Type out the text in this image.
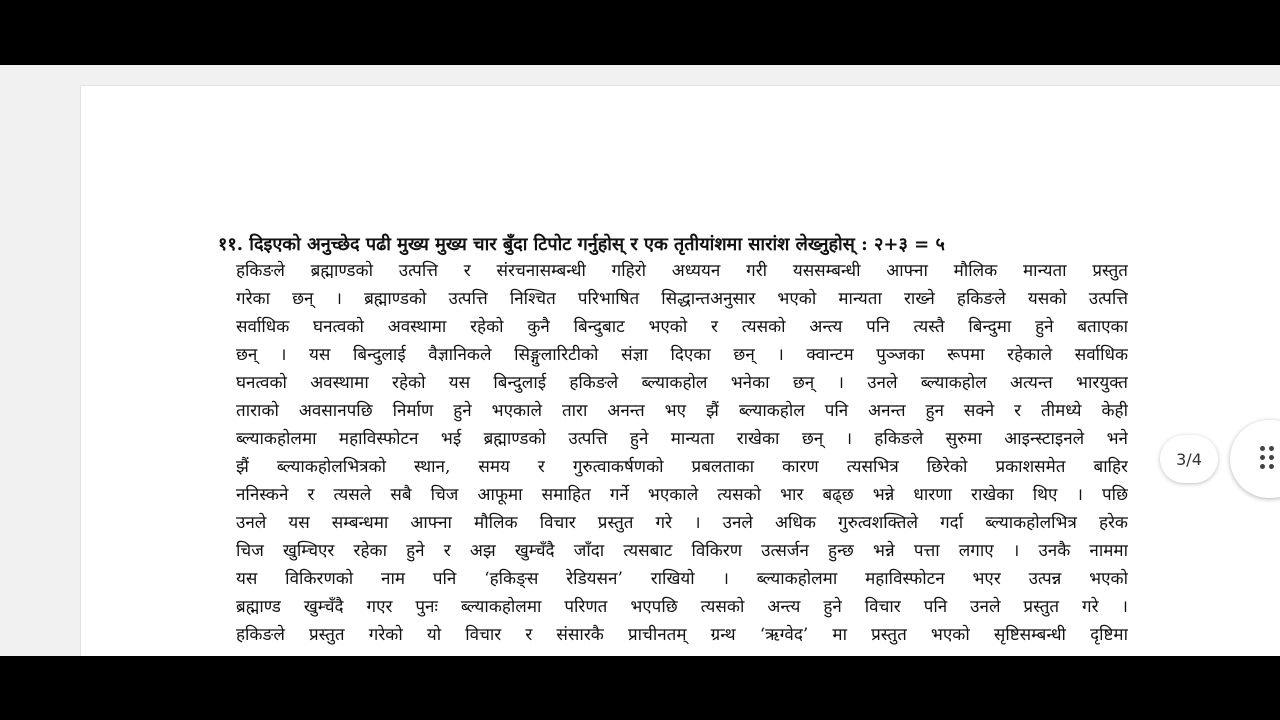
११. दिइएको अनुच्छेद पढी मुख्य मुख्य चार बुँदा टिपोट गर्नुहोस् र एक तृतीयांशमा सारांश लेख्नुहोस् : २+३ = ५
हकिङले ब्रह्माण्डको उत्पत्ति र संरचनासम्बन्धी गहिरो अध्ययन गरी यससम्बन्धी आफ्ना मौलिक मान्यता प्रस्तुत
गरेका छन् । ब्रह्माण्डको उत्पत्ति निश्चित परिभाषित सिद्धान्तअनुसार भएको मान्यता राख्ने हकिङले यसको उत्पत्ति
सर्वाधिक घनत्वको अवस्थामा रहेको कुनै बिन्दुबाट भएको र त्यसको अन्त्य पनि त्यस्तै बिन्दुमा हुने बताएका
छन् । यस बिन्दुलाई वैज्ञानिकले सिङ्गुलारिटीको संज्ञा दिएका छन् । क्वान्टम पुञ्जका रूपमा रहेकाले सर्वाधिक
घनत्वको अवस्थामा रहेको यस बिन्दुलाई हकिङले ब्ल्याकहोल भनेका छन् । उनले ब्ल्याकहोल अत्यन्त भारयुक्त
ताराको अवसानपछि निर्माण हुने भएकाले तारा अनन्त भए झैं ब्ल्याकहोल पनि अनन्त हुन सक्ने र तीमध्ये केही
ब्ल्याकहोलमा महाविस्फोटन भई ब्रह्माण्डको उत्पत्ति हुने मान्यता राखेका छन् । हकिङले सुरुमा आइन्स्टाइनले भने
झैं ब्ल्याकहोलभित्रको स्थान, समय र गुरुत्वाकर्षणको प्रबलताका कारण त्यसभित्र छिरेको प्रकाशसमेत बाहिर
ननिस्कने र त्यसले सबै चिज आफूमा समाहित गर्ने भएकाले त्यसको भार बढ्छ भन्ने धारणा राखेका थिए । पछि
उनले यस सम्बन्धमा आफ्ना मौलिक विचार प्रस्तुत गरे । उनले अधिक गुरुत्वशक्तिले गर्दा ब्ल्याकहोलभित्र हरेक
चिज खुम्चिएर रहेका हुने र अझ खुम्चँदै जाँदा त्यसबाट विकिरण उत्सर्जन हुन्छ भन्ने पत्ता लगाए । उनकै नाममा
यस विकिरणको नाम पनि ‘हकिङ्स रेडियसन’ राखियो । ब्ल्याकहोलमा महाविस्फोटन भएर उत्पन्न भएको
ब्रह्माण्ड खुम्चँदै गएर पुनः ब्ल्याकहोलमा परिणत भएपछि त्यसको अन्त्य हुने विचार पनि उनले प्रस्तुत गरे ।
हकिङले प्रस्तुत गरेको यो विचार र संसारकै प्राचीनतम् ग्रन्थ ‘ऋग्वेद’ मा प्रस्तुत भएको सृष्टिसम्बन्धी दृष्टिमा
3/4
